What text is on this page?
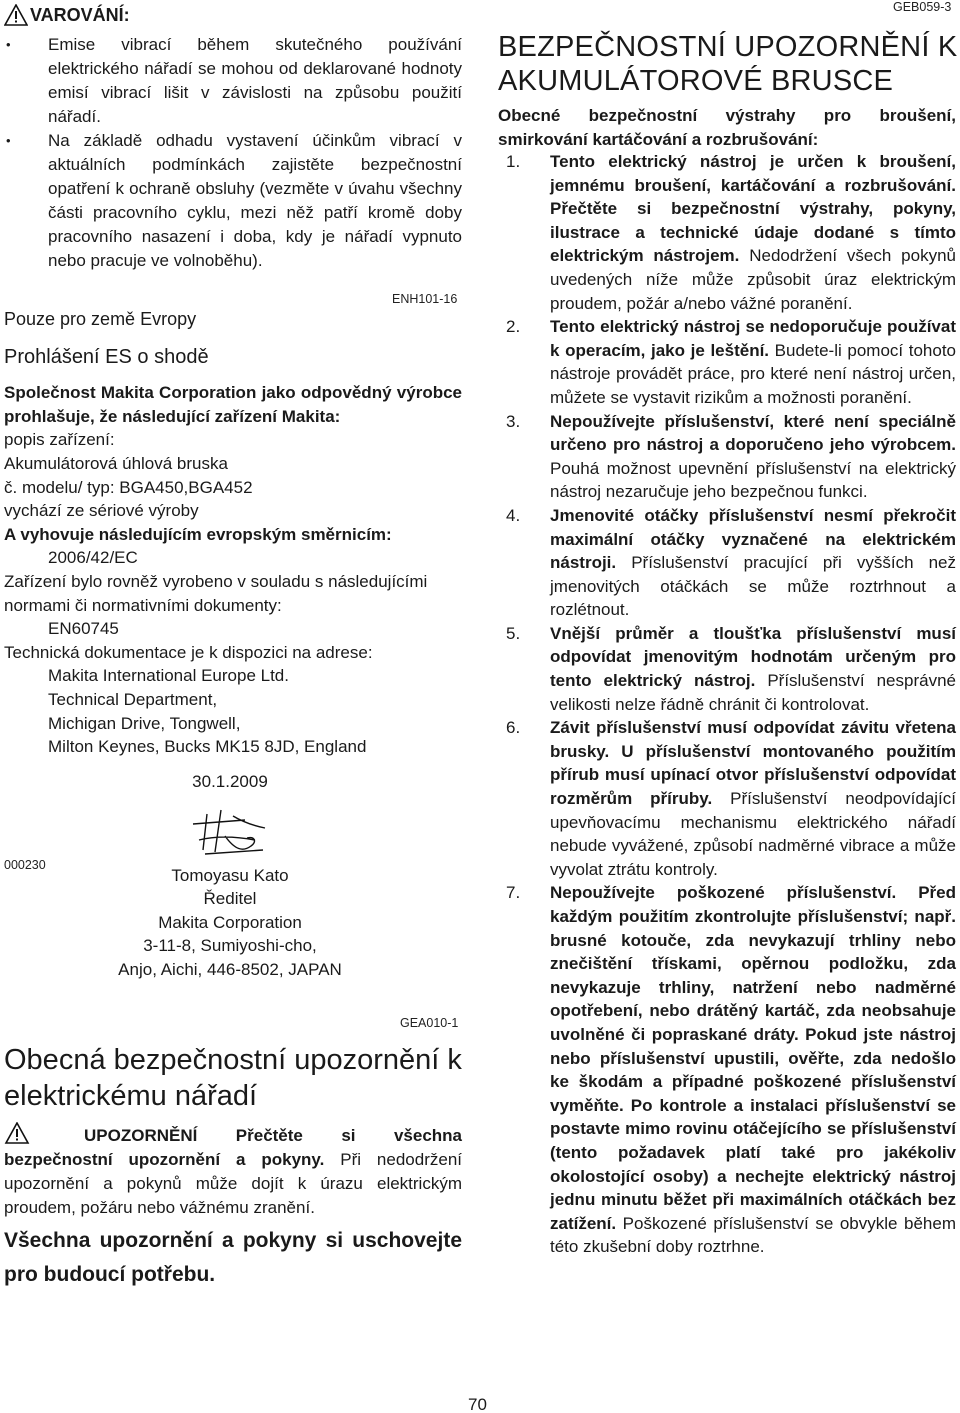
VAROVÁNÍ:

• Emise vibrací během skutečného používání elektrického nářadí se mohou od deklarované hodnoty emisí vibrací lišit v závislosti na způsobu použití nářadí.

• Na základě odhadu vystavení účinkům vibrací v aktuálních podmínkách zajistěte bezpečnostní opatření k ochraně obsluhy (vezměte v úvahu všechny části pracovního cyklu, mezi něž patří kromě doby pracovního nasazení i doba, kdy je nářadí vypnuto nebo pracuje ve volnoběhu).

ENH101-16

Pouze pro země Evropy

Prohlášení ES o shodě

Společnost Makita Corporation jako odpovědný výrobce prohlašuje, že následující zařízení Makita:

popis zařízení:

Akumulátorová úhlová bruska

č. modelu/ typ: BGA450,BGA452

vychází ze sériové výroby

A vyhovuje následujícím evropským směrnicím:

2006/42/EC

Zařízení bylo rovněž vyrobeno v souladu s následujícími normami či normativními dokumenty:

EN60745

Technická dokumentace je k dispozici na adrese:

Makita International Europe Ltd.

Technical Department,

Michigan Drive, Tongwell,

Milton Keynes, Bucks MK15 8JD, England

30.1.2009

Tomoyasu Kato

Ředitel

Makita Corporation

3-11-8, Sumiyoshi-cho,

Anjo, Aichi, 446-8502, JAPAN

000230
GEA010-1
Obecná bezpečnostní upozornění k elektrickému nářadí

UPOZORNĚNÍ Přečtěte si všechna bezpečnostní upozornění a pokyny. Při nedodržení upozornění a pokynů může dojít k úrazu elektrickým proudem, požáru nebo vážnému zranění.

Všechna upozornění a pokyny si uschovejte pro budoucí potřebu.

GEB059-3
BEZPEČNOSTNÍ UPOZORNĚNÍ K AKUMULÁTOROVÉ BRUSCE

Obecné bezpečnostní výstrahy pro broušení, smirkování kartáčování a rozbrušování:

1.	Tento elektrický nástroj je určen k broušení, jemnému broušení, kartáčování a rozbrušování. Přečtěte si bezpečnostní výstrahy, pokyny, ilustrace a technické údaje dodané s tímto elektrickým nástrojem. Nedodržení všech pokynů uvedených níže může způsobit úraz elektrickým proudem, požár a/nebo vážné poranění.

2.	Tento elektrický nástroj se nedoporučuje používat k operacím, jako je leštění. Budete-li pomocí tohoto nástroje provádět práce, pro které není nástroj určen, můžete se vystavit rizikům a možnosti poranění.

3.	Nepoužívejte příslušenství, které není speciálně určeno pro nástroj a doporučeno jeho výrobcem. Pouhá možnost upevnění příslušenství na elektrický nástroj nezaručuje jeho bezpečnou funkci.

4.	Jmenovité otáčky příslušenství nesmí překročit maximální otáčky vyznačené na elektrickém nástroji. Příslušenství pracující při vyšších než jmenovitých otáčkách se může roztrhnout a rozlétnout.

5.	Vnější průměr a tloušťka příslušenství musí odpovídat jmenovitým hodnotám určeným pro tento elektrický nástroj. Příslušenství nesprávné velikosti nelze řádně chránit či kontrolovat.

6.	Závit příslušenství musí odpovídat závitu vřetena brusky. U příslušenství montovaného použitím přírub musí upínací otvor příslušenství odpovídat rozměrům příruby. Příslušenství neodpovídající upevňovacímu mechanismu elektrického nářadí nebude vyvážené, způsobí nadměrné vibrace a může vyvolat ztrátu kontroly.

7.	Nepoužívejte poškozené příslušenství. Před každým použitím zkontrolujte příslušenství; např. brusné kotouče, zda nevykazují trhliny nebo znečištění třískami, opěrnou podložku, zda nevykazuje trhliny, natržení nebo nadměrné opotřebení, nebo drátěný kartáč, zda neobsahuje uvolněné či popraskané dráty. Pokud jste nástroj nebo příslušenství upustili, ověřte, zda nedošlo ke škodám a případné poškozené příslušenství vyměňte. Po kontrole a instalaci příslušenství se postavte mimo rovinu otáčejícího se příslušenství (tento požadavek platí také pro jakékoliv okolostojící osoby) a nechejte elektrický nástroj jednu minutu běžet při maximálních otáčkách bez zatížení. Poškozené příslušenství se obvykle během této zkušební doby roztrhne.

70
